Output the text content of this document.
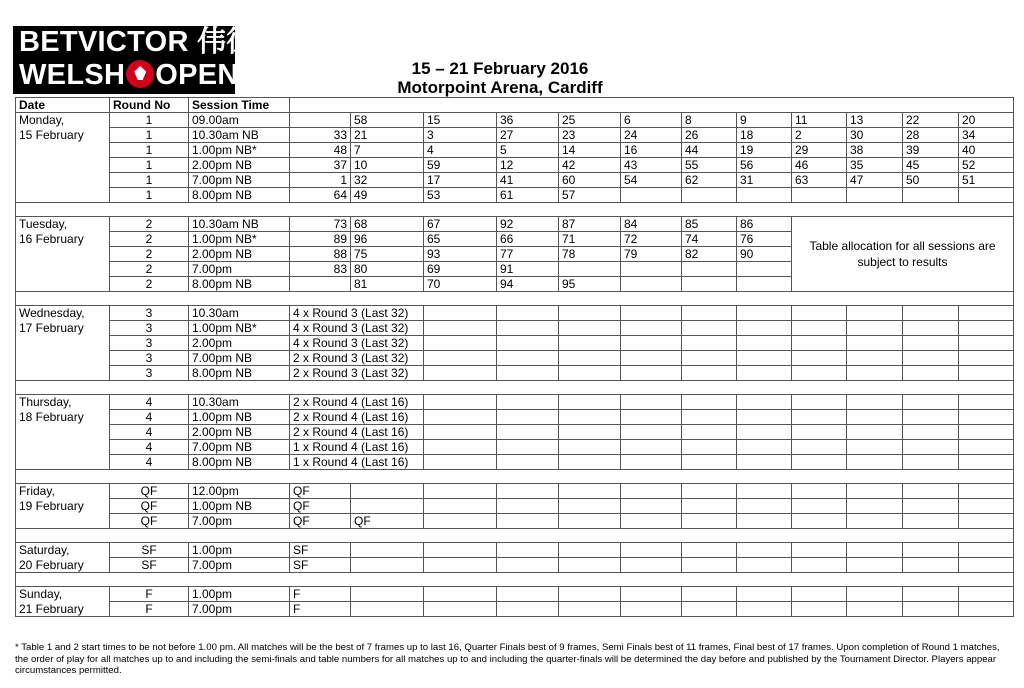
BETVICTOR 伟德
WELSH OPEN	15 – 21 February 2016
Motorpoint Arena, Cardiff
Date	Round No	Session Time												
Monday,	1	09.00am		58	15	36	25	6	8	9	11	13	22	20
15 February	1	10.30am NB	33	21	3	27	23	24	26	18	2	30	28	34
	1	1.00pm NB*	48	7	4	5	14	16	44	19	29	38	39	40
	1	2.00pm NB	37	10	59	12	42	43	55	56	46	35	45	52
	1	7.00pm NB	1	32	17	41	60	54	62	31	63	47	50	51
	1	8.00pm NB	64	49	53	61	57							

Tuesday,	2	10.30am NB	73	68	67	92	87	84	85	86	Table allocation for all sessions are subject to results			
16 February	2	1.00pm NB*	89	96	65	66	71	72	74	76				
	2	2.00pm NB	88	75	93	77	78	79	82	90				
	2	7.00pm	83	80	69	91								
	2	8.00pm NB		81	70	94	95							

Wednesday,	3	10.30am	4 x Round 3 (Last 32)											
17 February	3	1.00pm NB*	4 x Round 3 (Last 32)											
	3	2.00pm	4 x Round 3 (Last 32)											
	3	7.00pm NB	2 x Round 3 (Last 32)											
	3	8.00pm NB	2 x Round 3 (Last 32)											

Thursday,	4	10.30am	2 x Round 4 (Last 16)											
18 February	4	1.00pm NB	2 x Round 4 (Last 16)											
	4	2.00pm NB	2 x Round 4 (Last 16)											
	4	7.00pm NB	1 x Round 4 (Last 16)											
	4	8.00pm NB	1 x Round 4 (Last 16)											

Friday,	QF	12.00pm	QF											
19 February	QF	1.00pm NB	QF											
	QF	7.00pm	QF	QF										

Saturday,	SF	1.00pm	SF											
20 February	SF	7.00pm	SF											

Sunday,	F	1.00pm	F											
21 February	F	7.00pm	F											
* Table 1 and 2 start times to be not before 1.00 pm. All matches will be the best of 7 frames up to last 16, Quarter Finals best of 9 frames, Semi Finals best of 11 frames, Final best of 17 frames. Upon completion of Round 1 matches, the order of play for all matches up to and including the semi-finals and table numbers for all matches up to and including the quarter-finals will be determined the day before and published by the Tournament Director. Players appear circumstances permitted.
